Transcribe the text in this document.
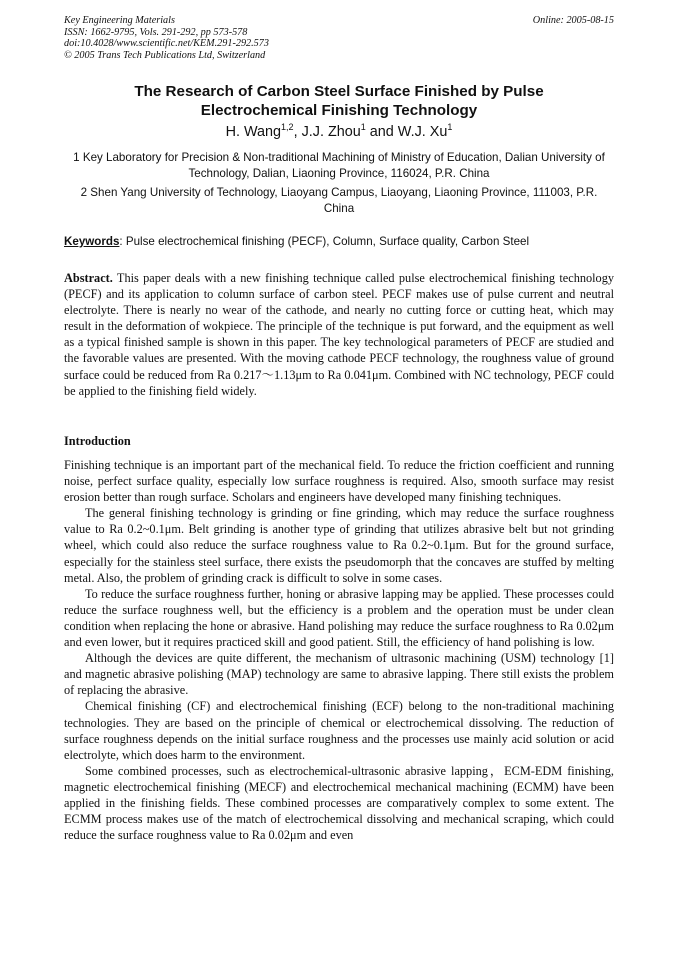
Key Engineering Materials
ISSN: 1662-9795, Vols. 291-292, pp 573-578
doi:10.4028/www.scientific.net/KEM.291-292.573
© 2005 Trans Tech Publications Ltd, Switzerland
Online: 2005-08-15
The Research of Carbon Steel Surface Finished by Pulse
Electrochemical Finishing Technology
H. Wang$^{1,2}$, J.J. Zhou$^1$ and W.J. Xu$^1$
1 Key Laboratory for Precision & Non-traditional Machining of Ministry of Education, Dalian University of Technology, Dalian, Liaoning Province, 116024, P.R. China
2 Shen Yang University of Technology, Liaoyang Campus, Liaoyang, Liaoning Province, 111003, P.R. China
Keywords: Pulse electrochemical finishing (PECF), Column, Surface quality, Carbon Steel
Abstract. This paper deals with a new finishing technique called pulse electrochemical finishing technology (PECF) and its application to column surface of carbon steel. PECF makes use of pulse current and neutral electrolyte. There is nearly no wear of the cathode, and nearly no cutting force or cutting heat, which may result in the deformation of wokpiece. The principle of the technique is put forward, and the equipment as well as a typical finished sample is shown in this paper. The key technological parameters of PECF are studied and the favorable values are presented. With the moving cathode PECF technology, the roughness value of ground surface could be reduced from Ra 0.217～1.13μm to Ra 0.041μm. Combined with NC technology, PECF could be applied to the finishing field widely.
Introduction

Finishing technique is an important part of the mechanical field. To reduce the friction coefficient and running noise, perfect surface quality, especially low surface roughness is required. Also, smooth surface may resist erosion better than rough surface. Scholars and engineers have developed many finishing techniques.

The general finishing technology is grinding or fine grinding, which may reduce the surface roughness value to Ra 0.2~0.1μm. Belt grinding is another type of grinding that utilizes abrasive belt but not grinding wheel, which could also reduce the surface roughness value to Ra 0.2~0.1μm. But for the ground surface, especially for the stainless steel surface, there exists the pseudomorph that the concaves are stuffed by melting metal. Also, the problem of grinding crack is difficult to solve in some cases.

To reduce the surface roughness further, honing or abrasive lapping may be applied. These processes could reduce the surface roughness well, but the efficiency is a problem and the operation must be under clean condition when replacing the hone or abrasive. Hand polishing may reduce the surface roughness to Ra 0.02μm and even lower, but it requires practiced skill and good patient. Still, the efficiency of hand polishing is low.

Although the devices are quite different, the mechanism of ultrasonic machining (USM) technology [1] and magnetic abrasive polishing (MAP) technology are same to abrasive lapping. There still exists the problem of replacing the abrasive.

Chemical finishing (CF) and electrochemical finishing (ECF) belong to the non-traditional machining technologies. They are based on the principle of chemical or electrochemical dissolving. The reduction of surface roughness depends on the initial surface roughness and the processes use mainly acid solution or acid electrolyte, which does harm to the environment.

Some combined processes, such as electrochemical-ultrasonic abrasive lapping，ECM-EDM finishing, magnetic electrochemical finishing (MECF) and electrochemical mechanical machining (ECMM) have been applied in the finishing fields. These combined processes are comparatively complex to some extent. The ECMM process makes use of the match of electrochemical dissolving and mechanical scraping, which could reduce the surface roughness value to Ra 0.02μm and even
